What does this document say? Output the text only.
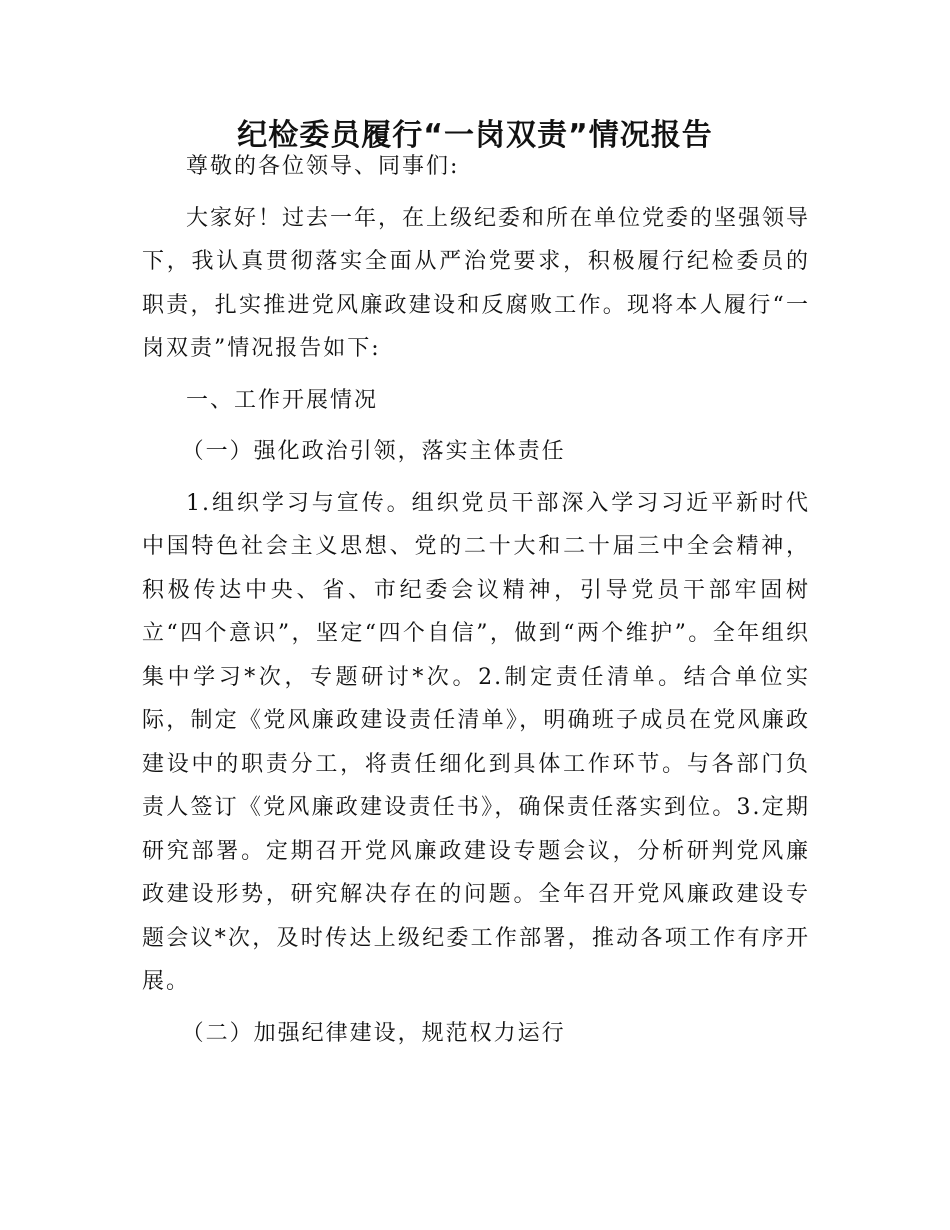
纪检委员履行“一岗双责”情况报告

尊敬的各位领导、同事们:

大家好！过去一年，在上级纪委和所在单位党委的坚强领导下，我认真贯彻落实全面从严治党要求，积极履行纪检委员的职责，扎实推进党风廉政建设和反腐败工作。现将本人履行“一岗双责”情况报告如下:

一、工作开展情况

（一）强化政治引领，落实主体责任

1.组织学习与宣传。组织党员干部深入学习习近平新时代中国特色社会主义思想、党的二十大和二十届三中全会精神，积极传达中央、省、市纪委会议精神，引导党员干部牢固树立“四个意识”，坚定“四个自信”，做到“两个维护”。全年组织集中学习*次，专题研讨*次。2.制定责任清单。结合单位实际，制定《党风廉政建设责任清单》，明确班子成员在党风廉政建设中的职责分工，将责任细化到具体工作环节。与各部门负责人签订《党风廉政建设责任书》，确保责任落实到位。3.定期研究部署。定期召开党风廉政建设专题会议，分析研判党风廉政建设形势，研究解决存在的问题。全年召开党风廉政建设专题会议*次，及时传达上级纪委工作部署，推动各项工作有序开展。

（二）加强纪律建设，规范权力运行
